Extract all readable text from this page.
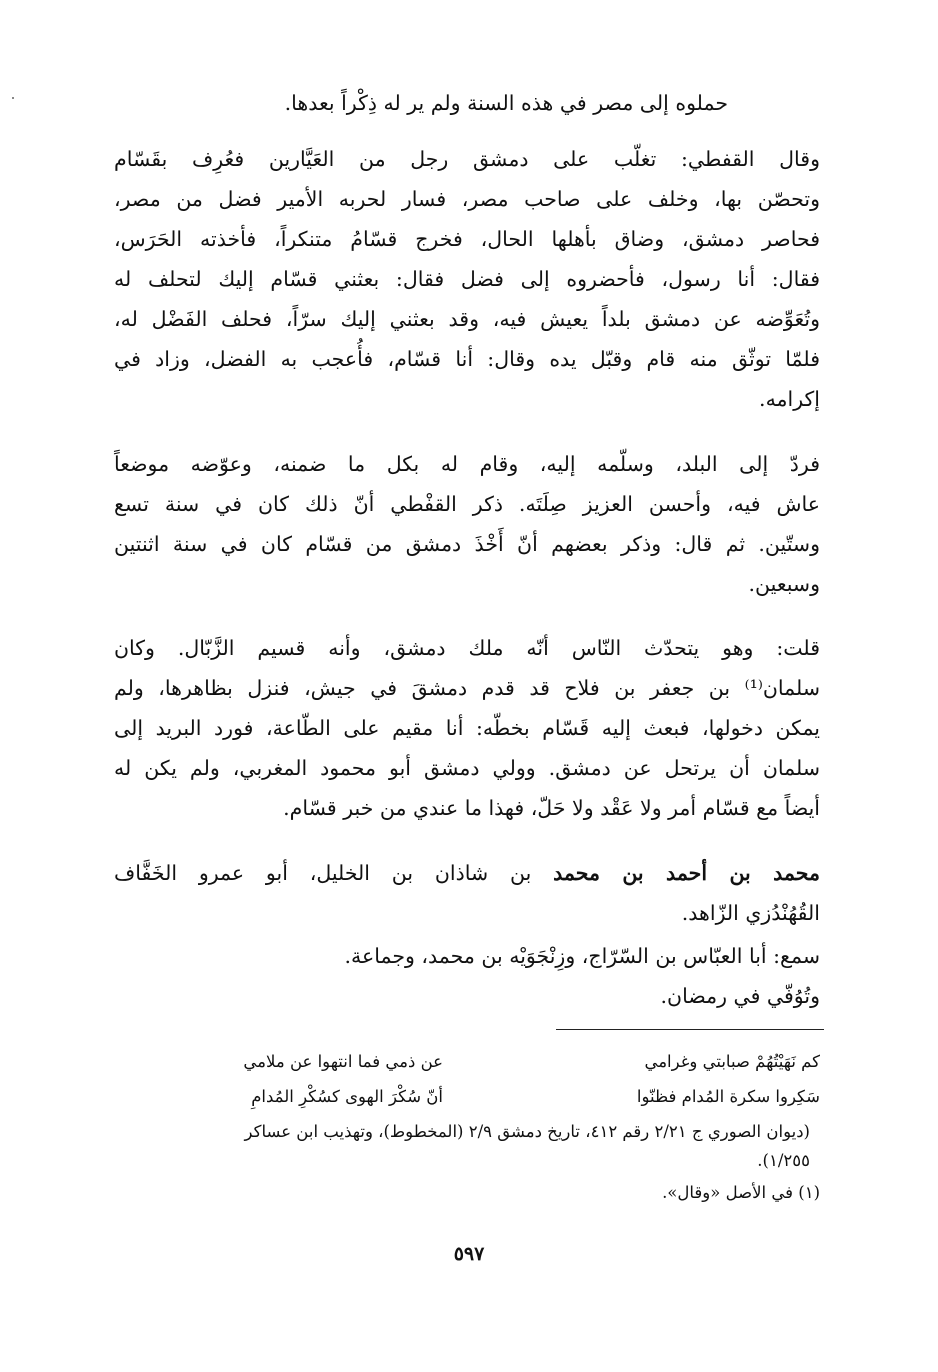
حملوه إلى مصر في هذه السنة ولم ير له ذِكْراً بعدها.
وقال القفطي: تغلّب على دمشق رجل من العَيَّارين فعُرِف بقَسّام
وتحصّن بها، وخلف على صاحب مصر، فسار لحربه الأمير فضل من مصر،
فحاصر دمشق، وضاق بأهلها الحال، فخرج قسّامُ متنكراً، فأخذته الحَرَس،
فقال: أنا رسول، فأحضروه إلى فضل فقال: بعثني قسّام إليك لتحلف له
وتُعَوِّضه عن دمشق بلداً يعيش فيه، وقد بعثني إليك سرّاً، فحلف الفَضْل له،
فلمّا توثّق منه قام وقبّل يده وقال: أنا قسّام، فأُعجب به الفضل، وزاد في
إكرامه.
فردّ إلى البلد، وسلّمه إليه، وقام له بكل ما ضمنه، وعوّضه موضعاً
عاش فيه، وأحسن العزيز صِلَتَه. ذكر القفْطي أنّ ذلك كان في سنة تسع
وستّين. ثم قال: وذكر بعضهم أنّ أَخْذَ دمشق من قسّام كان في سنة اثنتين
وسبعين.
قلت: وهو يتحدّث النّاس أنّه ملك دمشق، وأنه قسيم الزَّبّال. وكان
سلمان⁽¹⁾ بن جعفر بن فلاح قد قدم دمشقَ في جيش، فنزل بظاهرها، ولم
يمكن دخولها، فبعث إليه قَسّام بخطّه: أنا مقيم على الطّاعة، فورد البريد إلى
سلمان أن يرتحل عن دمشق. وولي دمشق أبو محمود المغربي، ولم يكن له
أيضاً مع قسّام أمر ولا عَقْد ولا حَلّ، فهذا ما عندي من خبر قسّام.
محمد بن أحمد بن محمد بن شاذان بن الخليل، أبو عمرو الخَفَّاف
القُهُنْدُزي الزّاهد.
سمع: أبا العبّاس بن السّرّاج، وزِنْجَوَيْه بن محمد، وجماعة.
وتُوُفّي في رمضان.
كم نَهَيْتُهُمْ صبابتي وغرامي
عن ذمي فما انتهوا عن ملامي
سَكِروا سكرة المُدام فظنّوا
أنّ سُكْرَ الهوى كسُكْرِ المُدامِ
(ديوان الصوري ج ٢/٢١ رقم ٤١٢، تاريخ دمشق ٢/٩ (المخطوط)، وتهذيب ابن عساكر
١/٢٥٥).
(١) في الأصل «وقال».
٥٩٧
